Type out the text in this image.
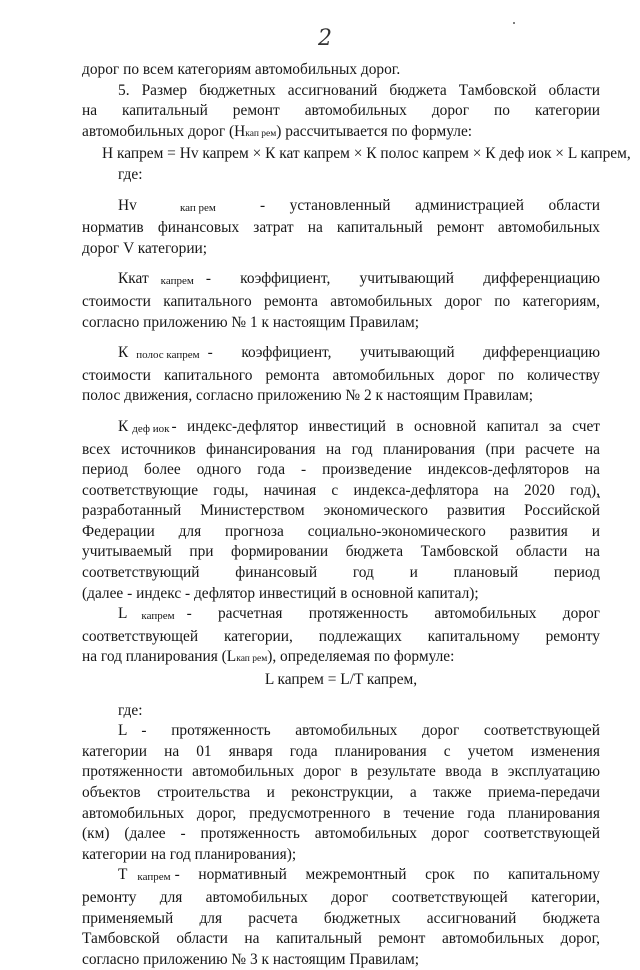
2
дорог по всем категориям автомобильных дорог.
5. Размер бюджетных ассигнований бюджета Тамбовской области
на капитальный ремонт автомобильных дорог по категории
автомобильных дорог (Нкап рем) рассчитывается по формуле:
Н капрем = Нv капрем × К кат капрем × К полос капрем × К деф иок × L капрем,
где:
Нv	кап рем	- установленный администрацией области
норматив финансовых затрат на капитальный ремонт автомобильных
дорог V категории;
Ккат	капрем - коэффициент, учитывающий дифференциацию
стоимости капитального ремонта автомобильных дорог по категориям,
согласно приложению № 1 к настоящим Правилам;
К полос капрем - коэффициент, учитывающий дифференциацию
стоимости капитального ремонта автомобильных дорог по количеству
полос движения, согласно приложению № 2 к настоящим Правилам;
К деф иок - индекс-дефлятор инвестиций в основной капитал за счет
всех источников финансирования на год планирования (при расчете на
период более одного года - произведение индексов-дефляторов на
соответствующие годы, начиная с индекса-дефлятора на 2020 год),
разработанный Министерством экономического развития Российской
Федерации для прогноза социально-экономического развития и
учитываемый при формировании бюджета Тамбовской области на
соответствующий финансовый год и плановый период
(далее - индекс - дефлятор инвестиций в основной капитал);
L	капрем - расчетная протяженность автомобильных дорог
соответствующей категории, подлежащих капитальному ремонту
на год планирования (Lкап рем), определяемая по формуле:
L капрем = L/T капрем,
где:
L - протяженность автомобильных дорог соответствующей
категории на 01 января года планирования с учетом изменения
протяженности автомобильных дорог в результате ввода в эксплуатацию
объектов строительства и реконструкции, а также приема-передачи
автомобильных дорог, предусмотренного в течение года планирования
(км) (далее - протяженность автомобильных дорог соответствующей
категории на год планирования);
Т капрем - нормативный межремонтный срок по капитальному
ремонту для автомобильных дорог соответствующей категории,
применяемый для расчета бюджетных ассигнований бюджета
Тамбовской области на капитальный ремонт автомобильных дорог,
согласно приложению № 3 к настоящим Правилам;
